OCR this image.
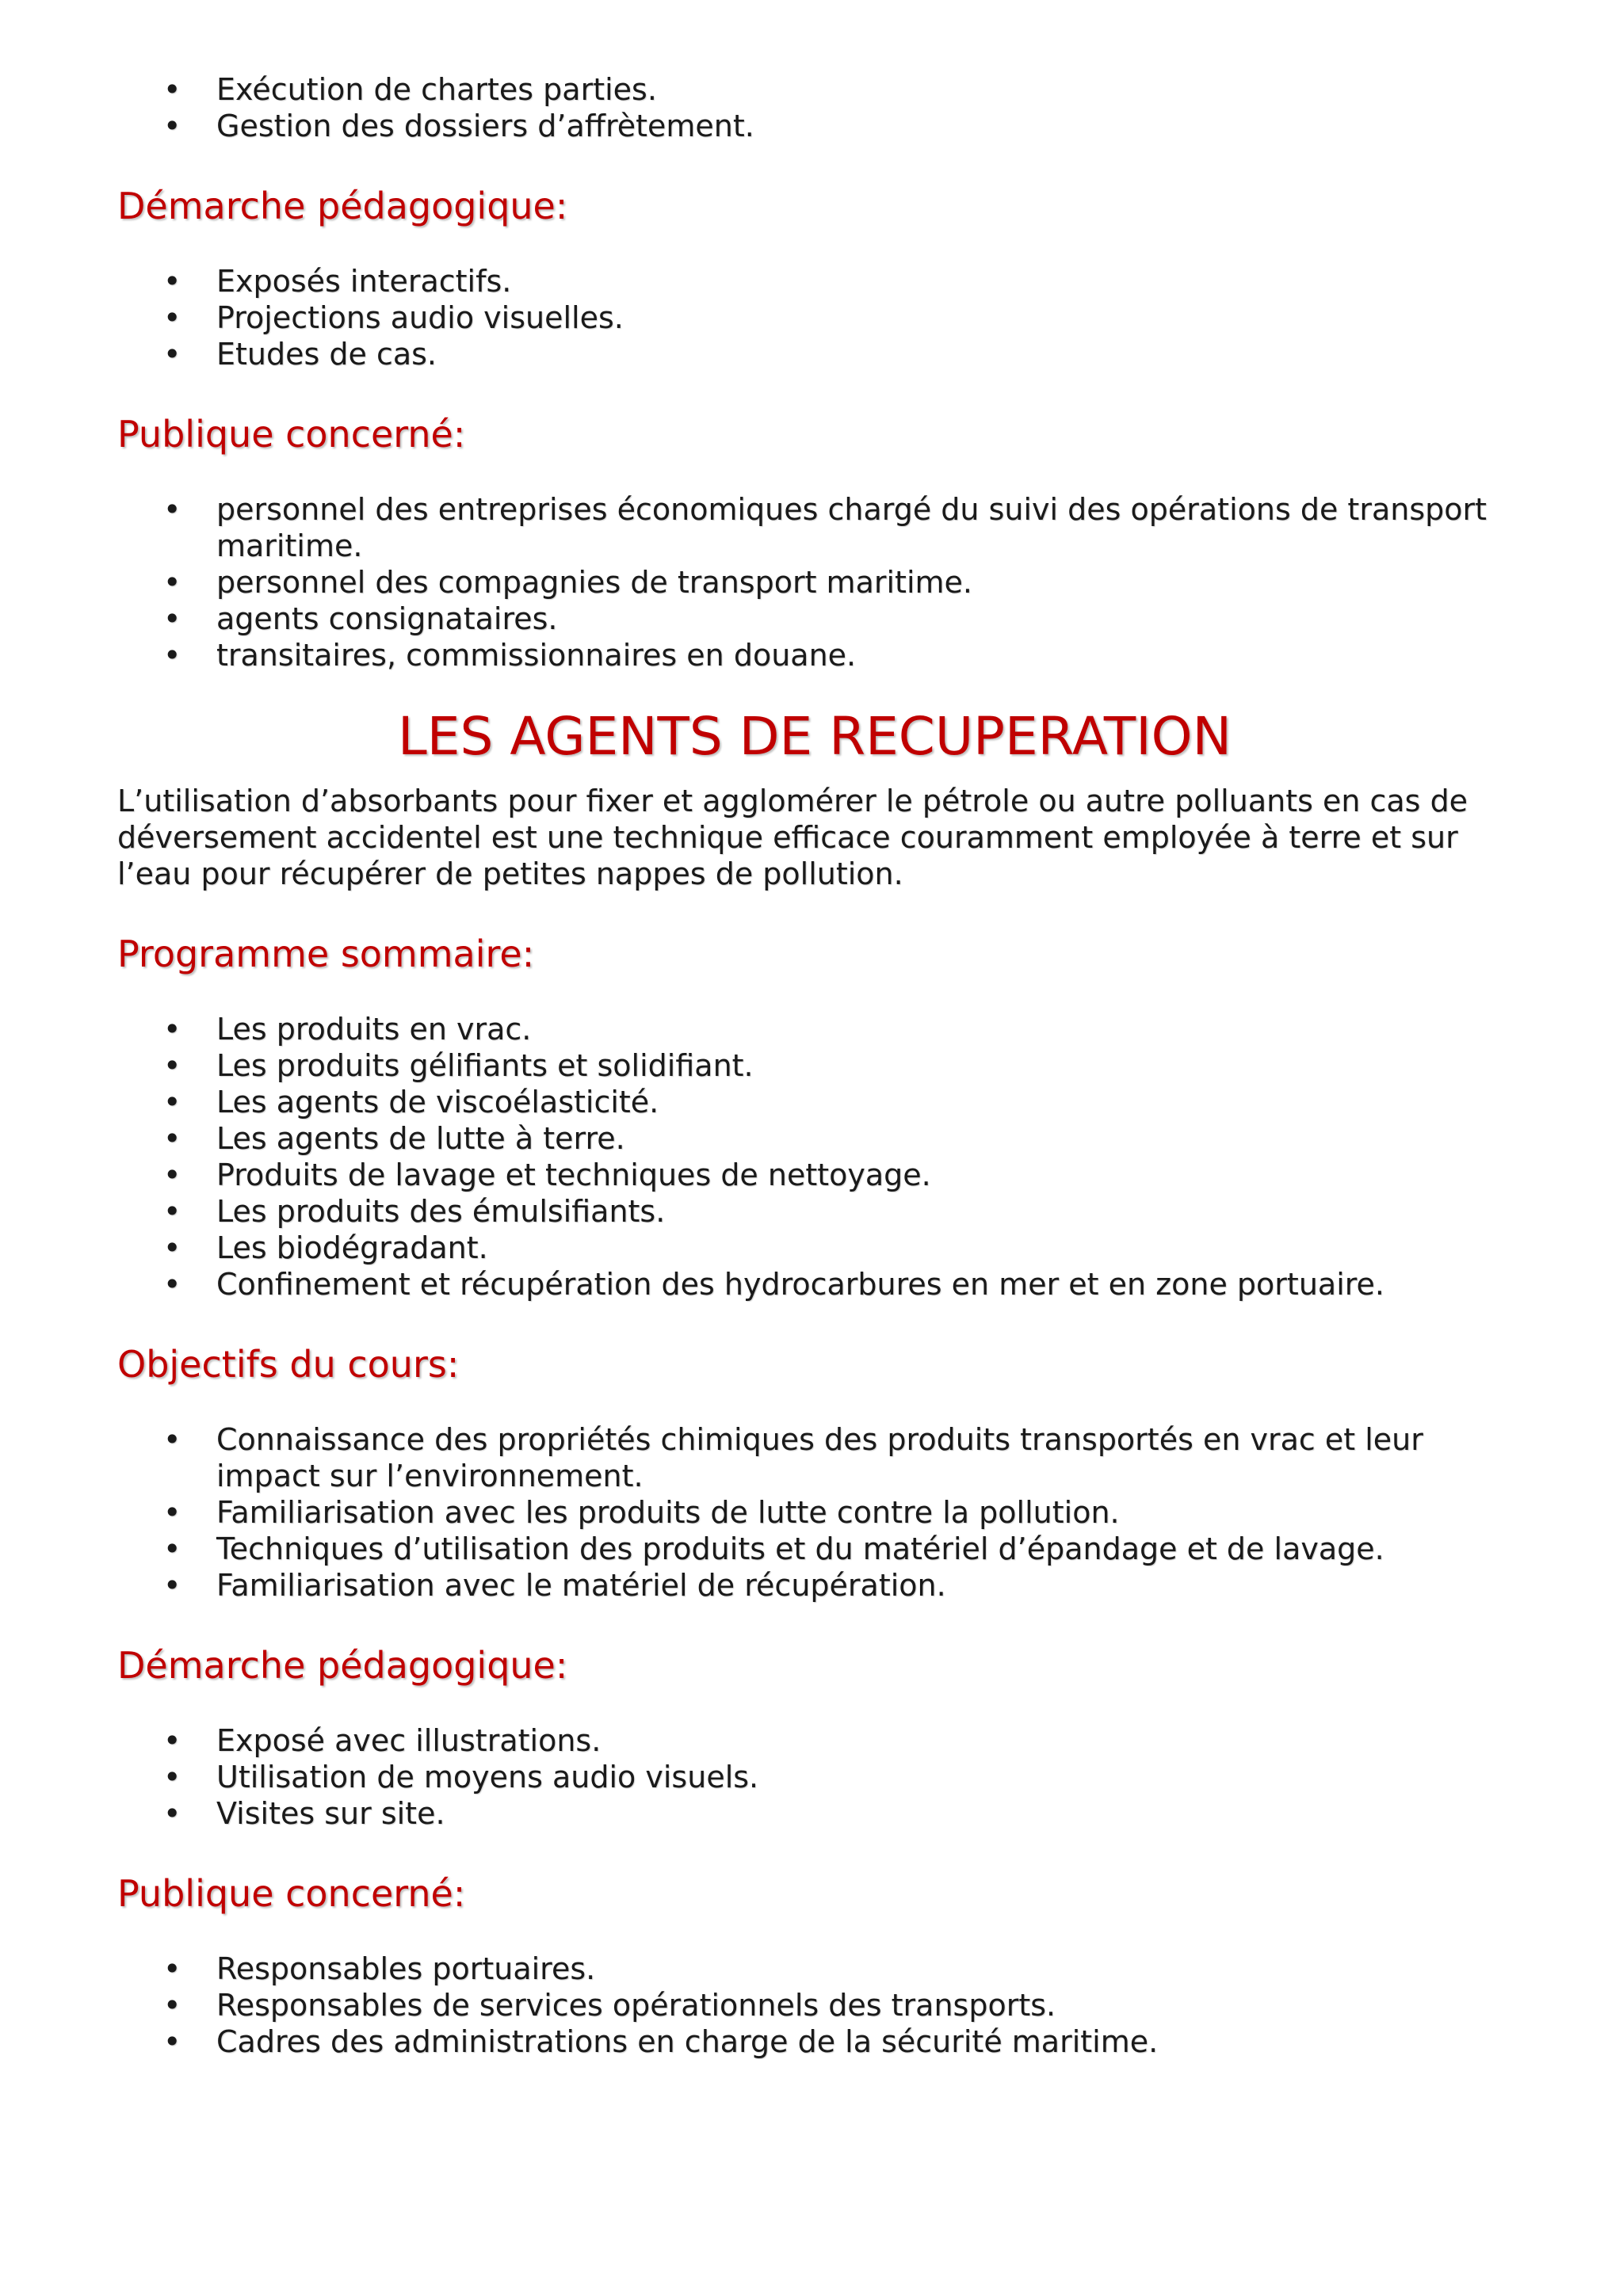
• Exécution de chartes parties.
• Gestion des dossiers d’affrètement.
Démarche pédagogique:
• Exposés interactifs.
• Projections audio visuelles.
• Etudes de cas.
Publique concerné:
• personnel des entreprises économiques chargé du suivi des opérations de transport maritime.
• personnel des compagnies de transport maritime.
• agents consignataires.
• transitaires, commissionnaires en douane.
LES AGENTS DE RECUPERATION

L’utilisation d’absorbants pour fixer et agglomérer le pétrole ou autre polluants en cas de déversement accidentel est une technique efficace couramment employée à terre et sur l’eau pour récupérer de petites nappes de pollution.

Programme sommaire:
• Les produits en vrac.
• Les produits gélifiants et solidifiant.
• Les agents de viscoélasticité.
• Les agents de lutte à terre.
• Produits de lavage et techniques de nettoyage.
• Les produits des émulsifiants.
• Les biodégradant.
• Confinement et récupération des hydrocarbures en mer et en zone portuaire.
Objectifs du cours:
• Connaissance des propriétés chimiques des produits transportés en vrac et leur impact sur l’environnement.
• Familiarisation avec les produits de lutte contre la pollution.
• Techniques d’utilisation des produits et du matériel d’épandage et de lavage.
• Familiarisation avec le matériel de récupération.
Démarche pédagogique:
• Exposé avec illustrations.
• Utilisation de moyens audio visuels.
• Visites sur site.
Publique concerné:
• Responsables portuaires.
• Responsables de services opérationnels des transports.
• Cadres des administrations en charge de la sécurité maritime.
